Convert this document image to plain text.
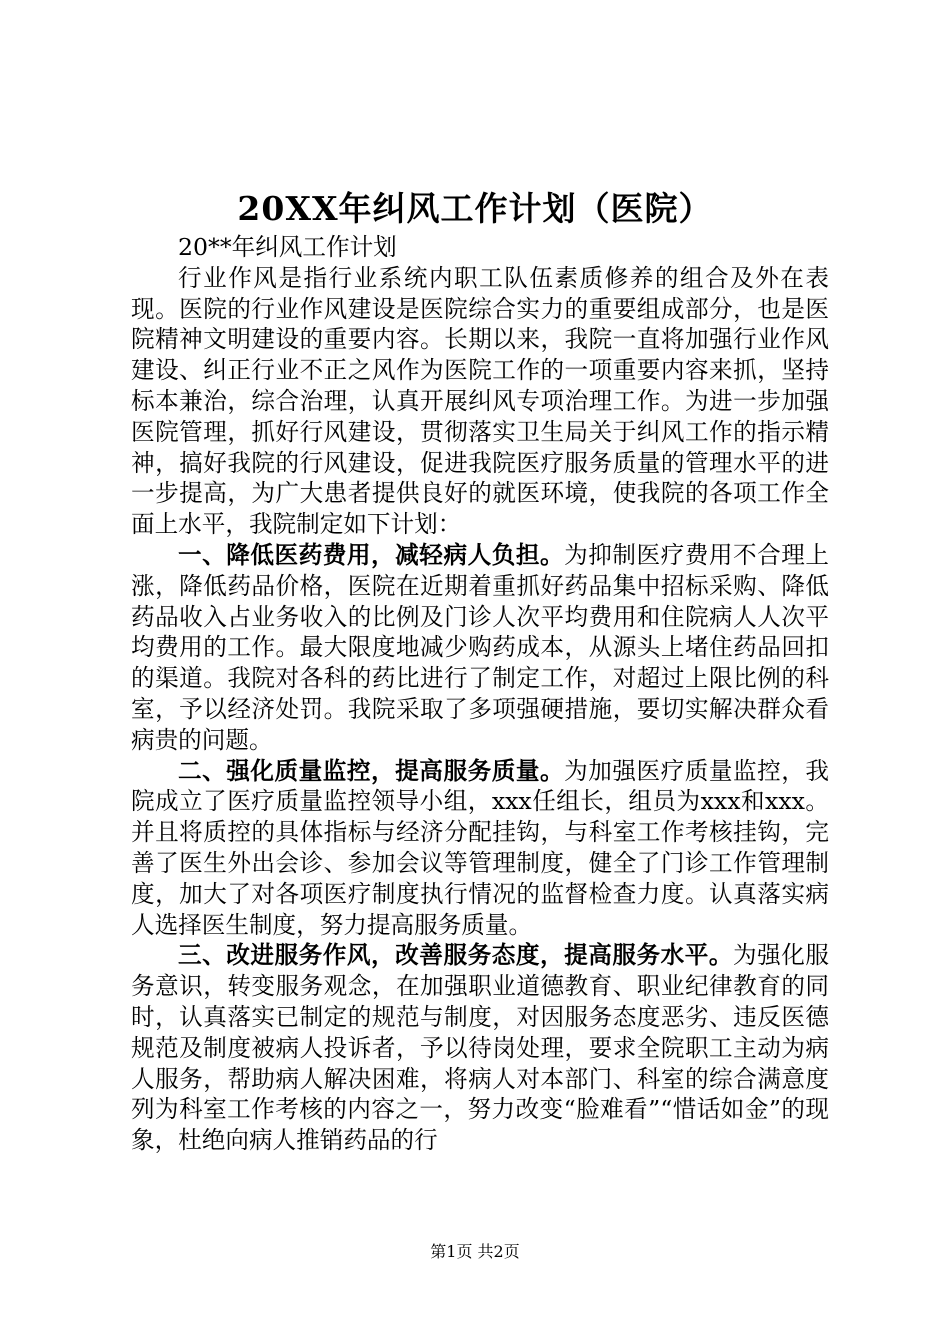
20XX年纠风工作计划（医院）

20**年纠风工作计划

行业作风是指行业系统内职工队伍素质修养的组合及外在表现。医院的行业作风建设是医院综合实力的重要组成部分，也是医院精神文明建设的重要内容。长期以来，我院一直将加强行业作风建设、纠正行业不正之风作为医院工作的一项重要内容来抓，坚持标本兼治，综合治理，认真开展纠风专项治理工作。为进一步加强医院管理，抓好行风建设，贯彻落实卫生局关于纠风工作的指示精神，搞好我院的行风建设，促进我院医疗服务质量的管理水平的进一步提高，为广大患者提供良好的就医环境，使我院的各项工作全面上水平，我院制定如下计划：

一、降低医药费用，减轻病人负担。为抑制医疗费用不合理上涨，降低药品价格，医院在近期着重抓好药品集中招标采购、降低药品收入占业务收入的比例及门诊人次平均费用和住院病人人次平均费用的工作。最大限度地减少购药成本，从源头上堵住药品回扣的渠道。我院对各科的药比进行了制定工作，对超过上限比例的科室，予以经济处罚。我院采取了多项强硬措施，要切实解决群众看病贵的问题。

二、强化质量监控，提高服务质量。为加强医疗质量监控，我院成立了医疗质量监控领导小组，xxx任组长，组员为xxx和xxx。并且将质控的具体指标与经济分配挂钩，与科室工作考核挂钩，完善了医生外出会诊、参加会议等管理制度，健全了门诊工作管理制度，加大了对各项医疗制度执行情况的监督检查力度。认真落实病人选择医生制度，努力提高服务质量。

三、改进服务作风，改善服务态度，提高服务水平。为强化服务意识，转变服务观念，在加强职业道德教育、职业纪律教育的同时，认真落实已制定的规范与制度，对因服务态度恶劣、违反医德规范及制度被病人投诉者，予以待岗处理，要求全院职工主动为病人服务，帮助病人解决困难，将病人对本部门、科室的综合满意度列为科室工作考核的内容之一，努力改变“脸难看”“惜话如金”的现象，杜绝向病人推销药品的行

第1页 共2页
